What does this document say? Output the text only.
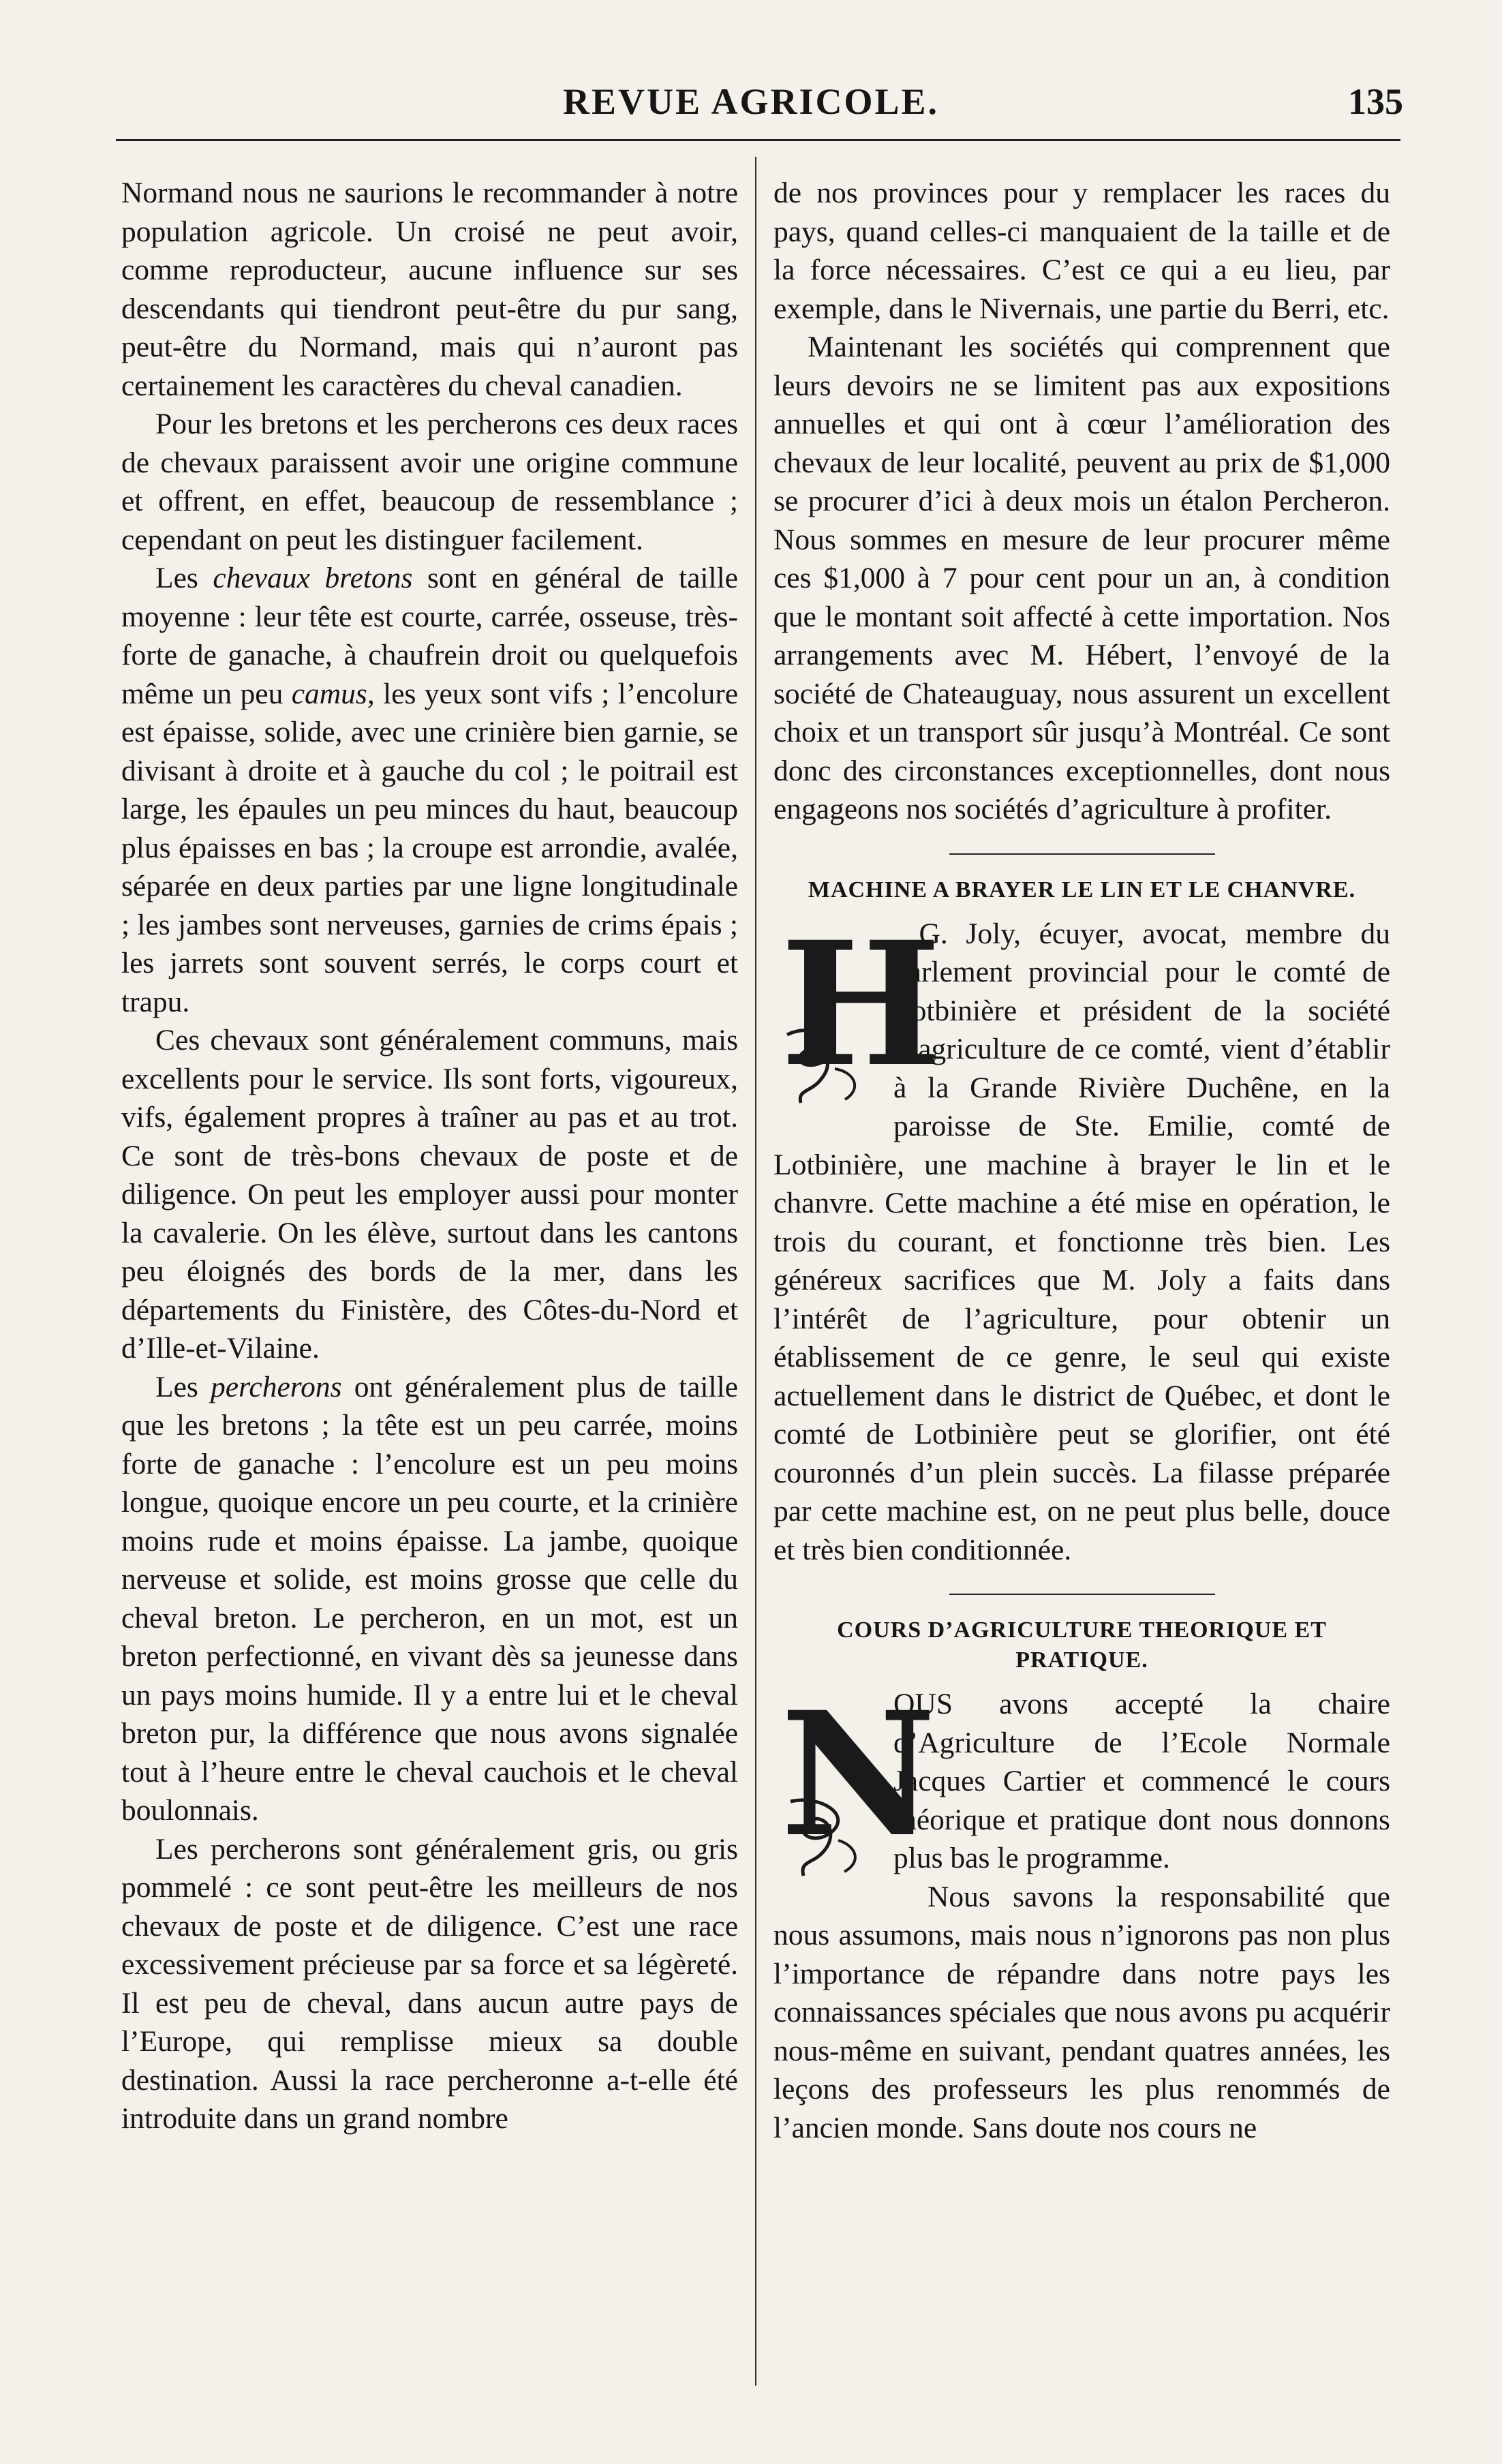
REVUE AGRICOLE.	135

Normand nous ne saurions le recommander à notre population agricole. Un croisé ne peut avoir, comme reproducteur, aucune influence sur ses descendants qui tiendront peut-être du pur sang, peut-être du Normand, mais qui n’auront pas certainement les caractères du cheval canadien.

Pour les bretons et les percherons ces deux races de chevaux paraissent avoir une origine commune et offrent, en effet, beaucoup de ressemblance ; cependant on peut les distinguer facilement.

Les chevaux bretons sont en général de taille moyenne : leur tête est courte, carrée, osseuse, très-forte de ganache, à chaufrein droit ou quelquefois même un peu camus, les yeux sont vifs ; l’encolure est épaisse, solide, avec une crinière bien garnie, se divisant à droite et à gauche du col ; le poitrail est large, les épaules un peu minces du haut, beaucoup plus épaisses en bas ; la croupe est arrondie, avalée, séparée en deux parties par une ligne longitudinale ; les jambes sont nerveuses, garnies de crims épais ; les jarrets sont souvent serrés, le corps court et trapu.

Ces chevaux sont généralement communs, mais excellents pour le service. Ils sont forts, vigoureux, vifs, également propres à traîner au pas et au trot. Ce sont de très-bons chevaux de poste et de diligence. On peut les employer aussi pour monter la cavalerie. On les élève, surtout dans les cantons peu éloignés des bords de la mer, dans les départements du Finistère, des Côtes-du-Nord et d’Ille-et-Vilaine.

Les percherons ont généralement plus de taille que les bretons ; la tête est un peu carrée, moins forte de ganache : l’encolure est un peu moins longue, quoique encore un peu courte, et la crinière moins rude et moins épaisse. La jambe, quoique nerveuse et solide, est moins grosse que celle du cheval breton. Le percheron, en un mot, est un breton perfectionné, en vivant dès sa jeunesse dans un pays moins humide. Il y a entre lui et le cheval breton pur, la différence que nous avons signalée tout à l’heure entre le cheval cauchois et le cheval boulonnais.

Les percherons sont généralement gris, ou gris pommelé : ce sont peut-être les meilleurs de nos chevaux de poste et de diligence. C’est une race excessivement précieuse par sa force et sa légèreté. Il est peu de cheval, dans aucun autre pays de l’Europe, qui remplisse mieux sa double destination. Aussi la race percheronne a-t-elle été introduite dans un grand nombre

de nos provinces pour y remplacer les races du pays, quand celles-ci manquaient de la taille et de la force nécessaires. C’est ce qui a eu lieu, par exemple, dans le Nivernais, une partie du Berri, etc.

Maintenant les sociétés qui comprennent que leurs devoirs ne se limitent pas aux expositions annuelles et qui ont à cœur l’amélioration des chevaux de leur localité, peuvent au prix de $1,000 se procurer d’ici à deux mois un étalon Percheron. Nous sommes en mesure de leur procurer même ces $1,000 à 7 pour cent pour un an, à condition que le montant soit affecté à cette importation. Nos arrangements avec M. Hébert, l’envoyé de la société de Chateauguay, nous assurent un excellent choix et un transport sûr jusqu’à Montréal. Ce sont donc des circonstances exceptionnelles, dont nous engageons nos sociétés d’agriculture à profiter.

MACHINE A BRAYER LE LIN ET LE CHANVRE.
H

. G. Joly, écuyer, avocat, membre du parlement provincial pour le comté de Lotbinière et président de la société d’agriculture de ce comté, vient d’établir à la Grande Rivière Duchêne, en la paroisse de Ste. Emilie, comté de Lotbinière, une machine à brayer le lin et le chanvre. Cette machine a été mise en opération, le trois du courant, et fonctionne très bien. Les généreux sacrifices que M. Joly a faits dans l’intérêt de l’agriculture, pour obtenir un établissement de ce genre, le seul qui existe actuellement dans le district de Québec, et dont le comté de Lotbinière peut se glorifier, ont été couronnés d’un plein succès. La filasse préparée par cette machine est, on ne peut plus belle, douce et très bien conditionnée.

COURS D’AGRICULTURE THEORIQUE ET PRATIQUE.
N

OUS avons accepté la chaire d’Agriculture de l’Ecole Normale Jacques Cartier et commencé le cours théorique et pratique dont nous donnons plus bas le programme.

Nous savons la responsabilité que nous assumons, mais nous n’ignorons pas non plus l’importance de répandre dans notre pays les connaissances spéciales que nous avons pu acquérir nous-même en suivant, pendant quatres années, les leçons des professeurs les plus renommés de l’ancien monde. Sans doute nos cours ne
